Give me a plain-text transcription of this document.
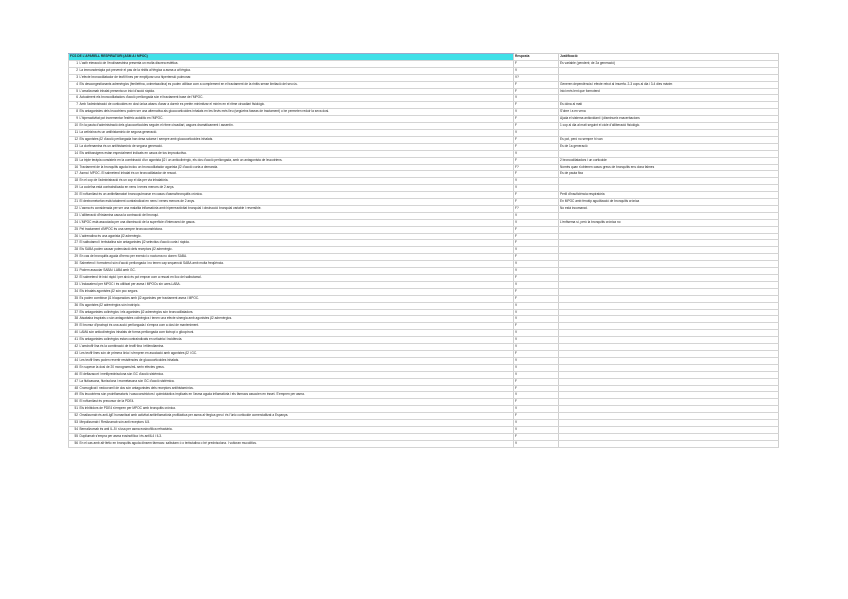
FCS DE L'APARELL RESPIRATORI (ASM A I MPOC)	Resposta	Justificació
1 L'asth eteracció de l'exolinaestrina presenta un molta discrea estètica.	F	És variable (pendent; de 2a generació)
2 La immunoteràpia pot prevenir el pas de la rinitis al·lèrgica a asma a al·lèrgica.	V	
3 L'efecte broncodilatador de teofil·lines per empitjorar una hipertensió pulmonar.	V?	
4 Els descongestionants adrenèrgics (fenilefrina, oximetazolina) es poden utilitzar com a complement en el tractament de la rinitis sense limitació del seu ús.	F	Generen dependència i efecte rebot al imuerfa. 2-3 cops al dia i 3-4 dies màxim
5 L'omalizumab inhalat presenta un inici d'acció ràpida.	F	Inici més lent que formoterol
6 Actualment els broncodilatadors d'acció perllongada són el tractament base de l'MPOC.	V	
7 Amb l'administració de corticoides en dosi única abans d'anar a dormir es pretén minimitzar el mínim en el ritme circadiari fisiològic.	F	Es dóna al matí
8 Els antagonistes dels leucotriens poden ser una alternativa als glucocorticoides inhalats en les llevis més lleu (segùetns faseas de tractament) o be permeten reduir la seva dosi.	V	S'obre i a en vena
9 L'hiperactivitat pot incrementar l'esfèric autolític en l'MPOC.	F	Ajuda el sistema antioxidant i (disminueix exacerbacions
10 En la pauta d'administració dels glucocorticoides seguim el ritme circadiari, asgues dramàticament i assentín.	F	1 cop al dia al matí seguint el cicle d'alliberació fisiològic.
11 La cetirizina és un antihistamínic de segona generació.	V	
12 Els agonistes β2 d'acció perllongada han desa solarse i sempre amb glucocorticoides inhalats.	F	Es pot, però no sempre hi van
13 La clorfenamina és un antihistamínic de segona generació.	F	Es de 1a generació
14 Els antitussígens estan especialment indicats en casos de tos improductiva.	V	
15 La triple teràpia consisteix en la combinació d'un agonista β2 i un anticolinèrgic, els dos d'acció perllongada, amb un antagonista de leucotriens.	F	2 broncodilatadors i un corticoide
16 Tractament de la bronquitis aguda inclou un broncodilatador agonista β2 d'acció curta a demanda.	F?	Només quan s'obtenen casos greus de bronquitis ens dona falmes
17 Asma i MPOC. El salmeterol inhalat és un broncodilatador de rescat.	F	Es de pauta fixa
18 En el cop de l'administració és un cop el dia per via inhalatòria.	V	
19 La codeïna està contraindicada en nens i nenes menors de 2 anys.	V	
20 El roflumilast és un antiinflamatori broncopulmonar en casos d'asma/bronquitis crònica.	F	Perill d'insuficiència respiratòria
21 El dextrometorfan està totalment contraindicat en nens i nenes menors de 2 anys.	F	En MPOC amb fenotip agudització de bronquitis crònica
22 L'asma és considerada per ser una malaltia inflamatòria amb hiperreactivitat bronquial i obstrucció bronquial variable i reversible.	F?	No està incomanat.
23 L'alliberació d'histamina causa la contracció del bronqui.	V	
24 L'MPOC està associada per una disminució de la superfície d'intercanvi de gasos.	V	L'enfisema sí, però la bronquitis crònica no
25 Pel tractament d'MPOC és una sempre broncoconstrictora.	F	
26 L'adrenalina és una agonista β2 adrenèrgic.	F	
27 El salbutamol i terbutalina són antagonistes β2 selectius d'acció curta i ràpida.	F	
28 Els SABA poden causar potenciació dels receptors β2 adrenèrgic.	V	
29 En cas de bronquitis aguda d'hemo per exercici o nocturna no donen SABA.	F	
30 Salmeterol i formoterol són d'acció perllongada i no tenen cap sequenció SABA amb molta freqüència.	V	
31 Podem associar SABA i LABA amb GC.	V	
32 El salmeterol té inici ràpid i per això és pot emprar com a rescat en lloc del salbutamol.	F	
33 L'indacaterol per MPOC i és utilitzat per asma i MPOCs sin uzes-LABA.	V	
34 Els inhalats agonistes β2 són poc segurs.	F	
35 Es poden combinar β1 bloqueadors amb β2 agonistes per tractament asma i MPOC.	F	
36 Els agonistes β2 adrenèrgics són inotròpic.	V	
37 Els antagonistes colinèrgics i els agonistes β2 adrenèrgics són broncodilatadors.	V	
38 Atsababa inspirats o són antagonistes colinèrgics i tenen una efecte sinergia amb agonistes β2 adrenèrgics.	V	
39 El bromur d'ipratropi és una acció perllongada i s'empra com a dosi de manteniment.	F	
40 LAMA són anticolinèrgics inhalats de forma perllongada com tiotropi o glicopironi.	V	
41 Els antagonistes colinèrgics estan contraindicats en urticària i incidència.	V	
42 L'amdrofil·lina és la combinació de teofil·lina i etilendiamina.	V	
43 Les teofil·lines són de primera línia i s'empren en asociació amb agonistes β2 i GC.	F	
44 Les teofil·lines poden revertir resistències de glucocorticoides inhalats.	V	
45 En superar la dosi de 20 mcrograms/mL serin efectes greus.	V	
46 El deflazacort i metilprednisolona són GC d'acció sistèmica.	V	
47 La fluticasona, flunisolona i mometasona són GC d'acció sistèmica.	F	
48 Cromoglicat i nedocromil de dos són antagonistes dels receptors antihistamínics.	F	
49 Els leucotriens són proinflamatoris i vasoconstrictors i quimiotàctics implicats en l'asma aguda inflamatòria i els fàrmacs associen en ésset. S'empren per asma.	V	
50 El roflumilast és precursor de la PDE4.	F	
51 Els inhibidors de PDE4 s'empren per MPOC amb bronquitis crònica.	V	
52 Omalizumab és anti-IgE humanitzat amb activitat antiinflamatòria profilàctica per asma al·lèrgica greu i és l'únic corticoide comercialitzat a Espanya.	F	
53 Mepolizumab i Reslizumab són anti receptors IL5.	V	
54 Benralizumab és anti IL-5 i s'usa per asma eosinofílica refractària.	V	
55 Dupilumab s'empra per asma eosinofílica i és antiIL4 i IL3.	F	
56 En el cas amb alt·lèrtic en bronquitis aguda dinsem fàrmacs: salbutam ò o terbutalina o bé prednisolona. I vuitoran mucolítics.	V	
